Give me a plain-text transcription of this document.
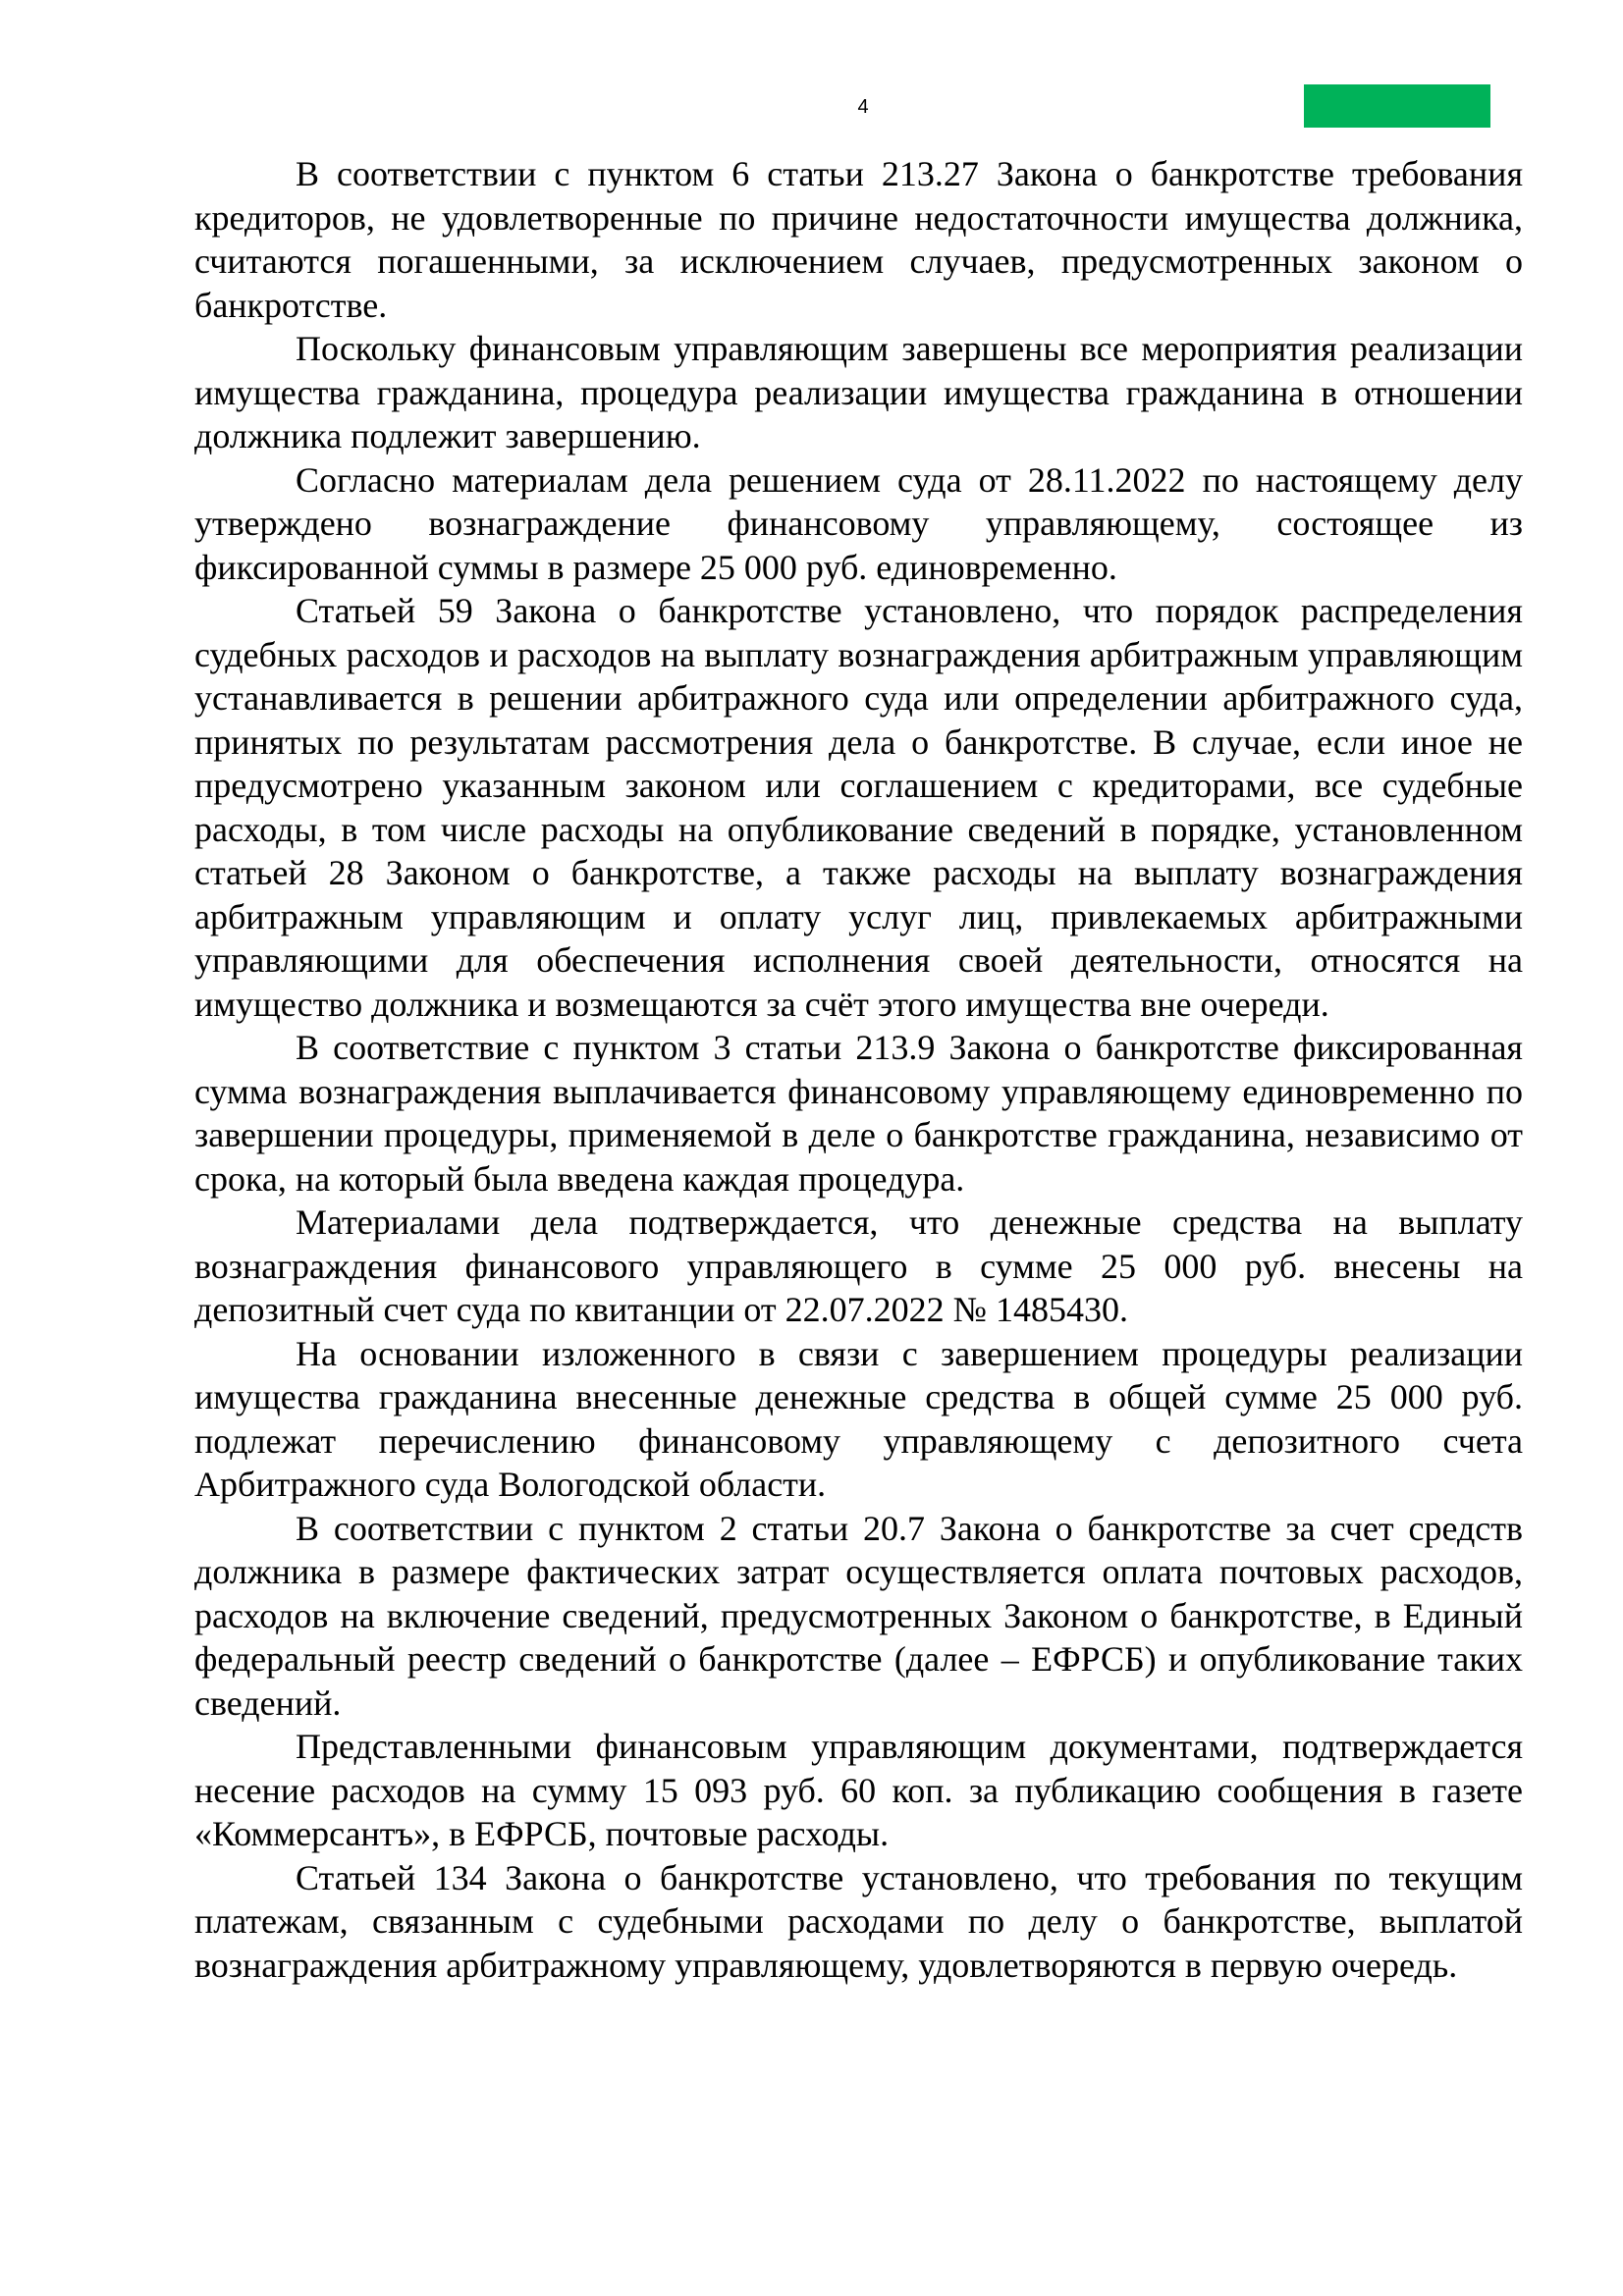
4

В соответствии с пунктом 6 статьи 213.27 Закона о банкротстве требования кредиторов, не удовлетворенные по причине недостаточности имущества должника, считаются погашенными, за исключением случаев, предусмотренных законом о банкротстве.

Поскольку финансовым управляющим завершены все мероприятия реализации имущества гражданина, процедура реализации имущества гражданина в отношении должника подлежит завершению.

Согласно материалам дела решением суда от 28.11.2022 по настоящему делу утверждено вознаграждение финансовому управляющему, состоящее из фиксированной суммы в размере 25 000 руб. единовременно.

Статьей 59 Закона о банкротстве установлено, что порядок распределения судебных расходов и расходов на выплату вознаграждения арбитражным управляющим устанавливается в решении арбитражного суда или определении арбитражного суда, принятых по результатам рассмотрения дела о банкротстве. В случае, если иное не предусмотрено указанным законом или соглашением с кредиторами, все судебные расходы, в том числе расходы на опубликование сведений в порядке, установленном статьей 28 Законом о банкротстве, а также расходы на выплату вознаграждения арбитражным управляющим и оплату услуг лиц, привлекаемых арбитражными управляющими для обеспечения исполнения своей деятельности, относятся на имущество должника и возмещаются за счёт этого имущества вне очереди.

В соответствие с пунктом 3 статьи 213.9 Закона о банкротстве фиксированная сумма вознаграждения выплачивается финансовому управляющему единовременно по завершении процедуры, применяемой в деле о банкротстве гражданина, независимо от срока, на который была введена каждая процедура.

Материалами дела подтверждается, что денежные средства на выплату вознаграждения финансового управляющего в сумме 25 000 руб. внесены на депозитный счет суда по квитанции от 22.07.2022 № 1485430.

На основании изложенного в связи с завершением процедуры реализации имущества гражданина внесенные денежные средства в общей сумме 25 000 руб. подлежат перечислению финансовому управляющему с депозитного счета Арбитражного суда Вологодской области.

В соответствии с пунктом 2 статьи 20.7 Закона о банкротстве за счет средств должника в размере фактических затрат осуществляется оплата почтовых расходов, расходов на включение сведений, предусмотренных Законом о банкротстве, в Единый федеральный реестр сведений о банкротстве (далее – ЕФРСБ) и опубликование таких сведений.

Представленными финансовым управляющим документами, подтверждается несение расходов на сумму 15 093 руб. 60 коп. за публикацию сообщения в газете «Коммерсантъ», в ЕФРСБ, почтовые расходы.

Статьей 134 Закона о банкротстве установлено, что требования по текущим платежам, связанным с судебными расходами по делу о банкротстве, выплатой вознаграждения арбитражному управляющему, удовлетворяются в первую очередь.
